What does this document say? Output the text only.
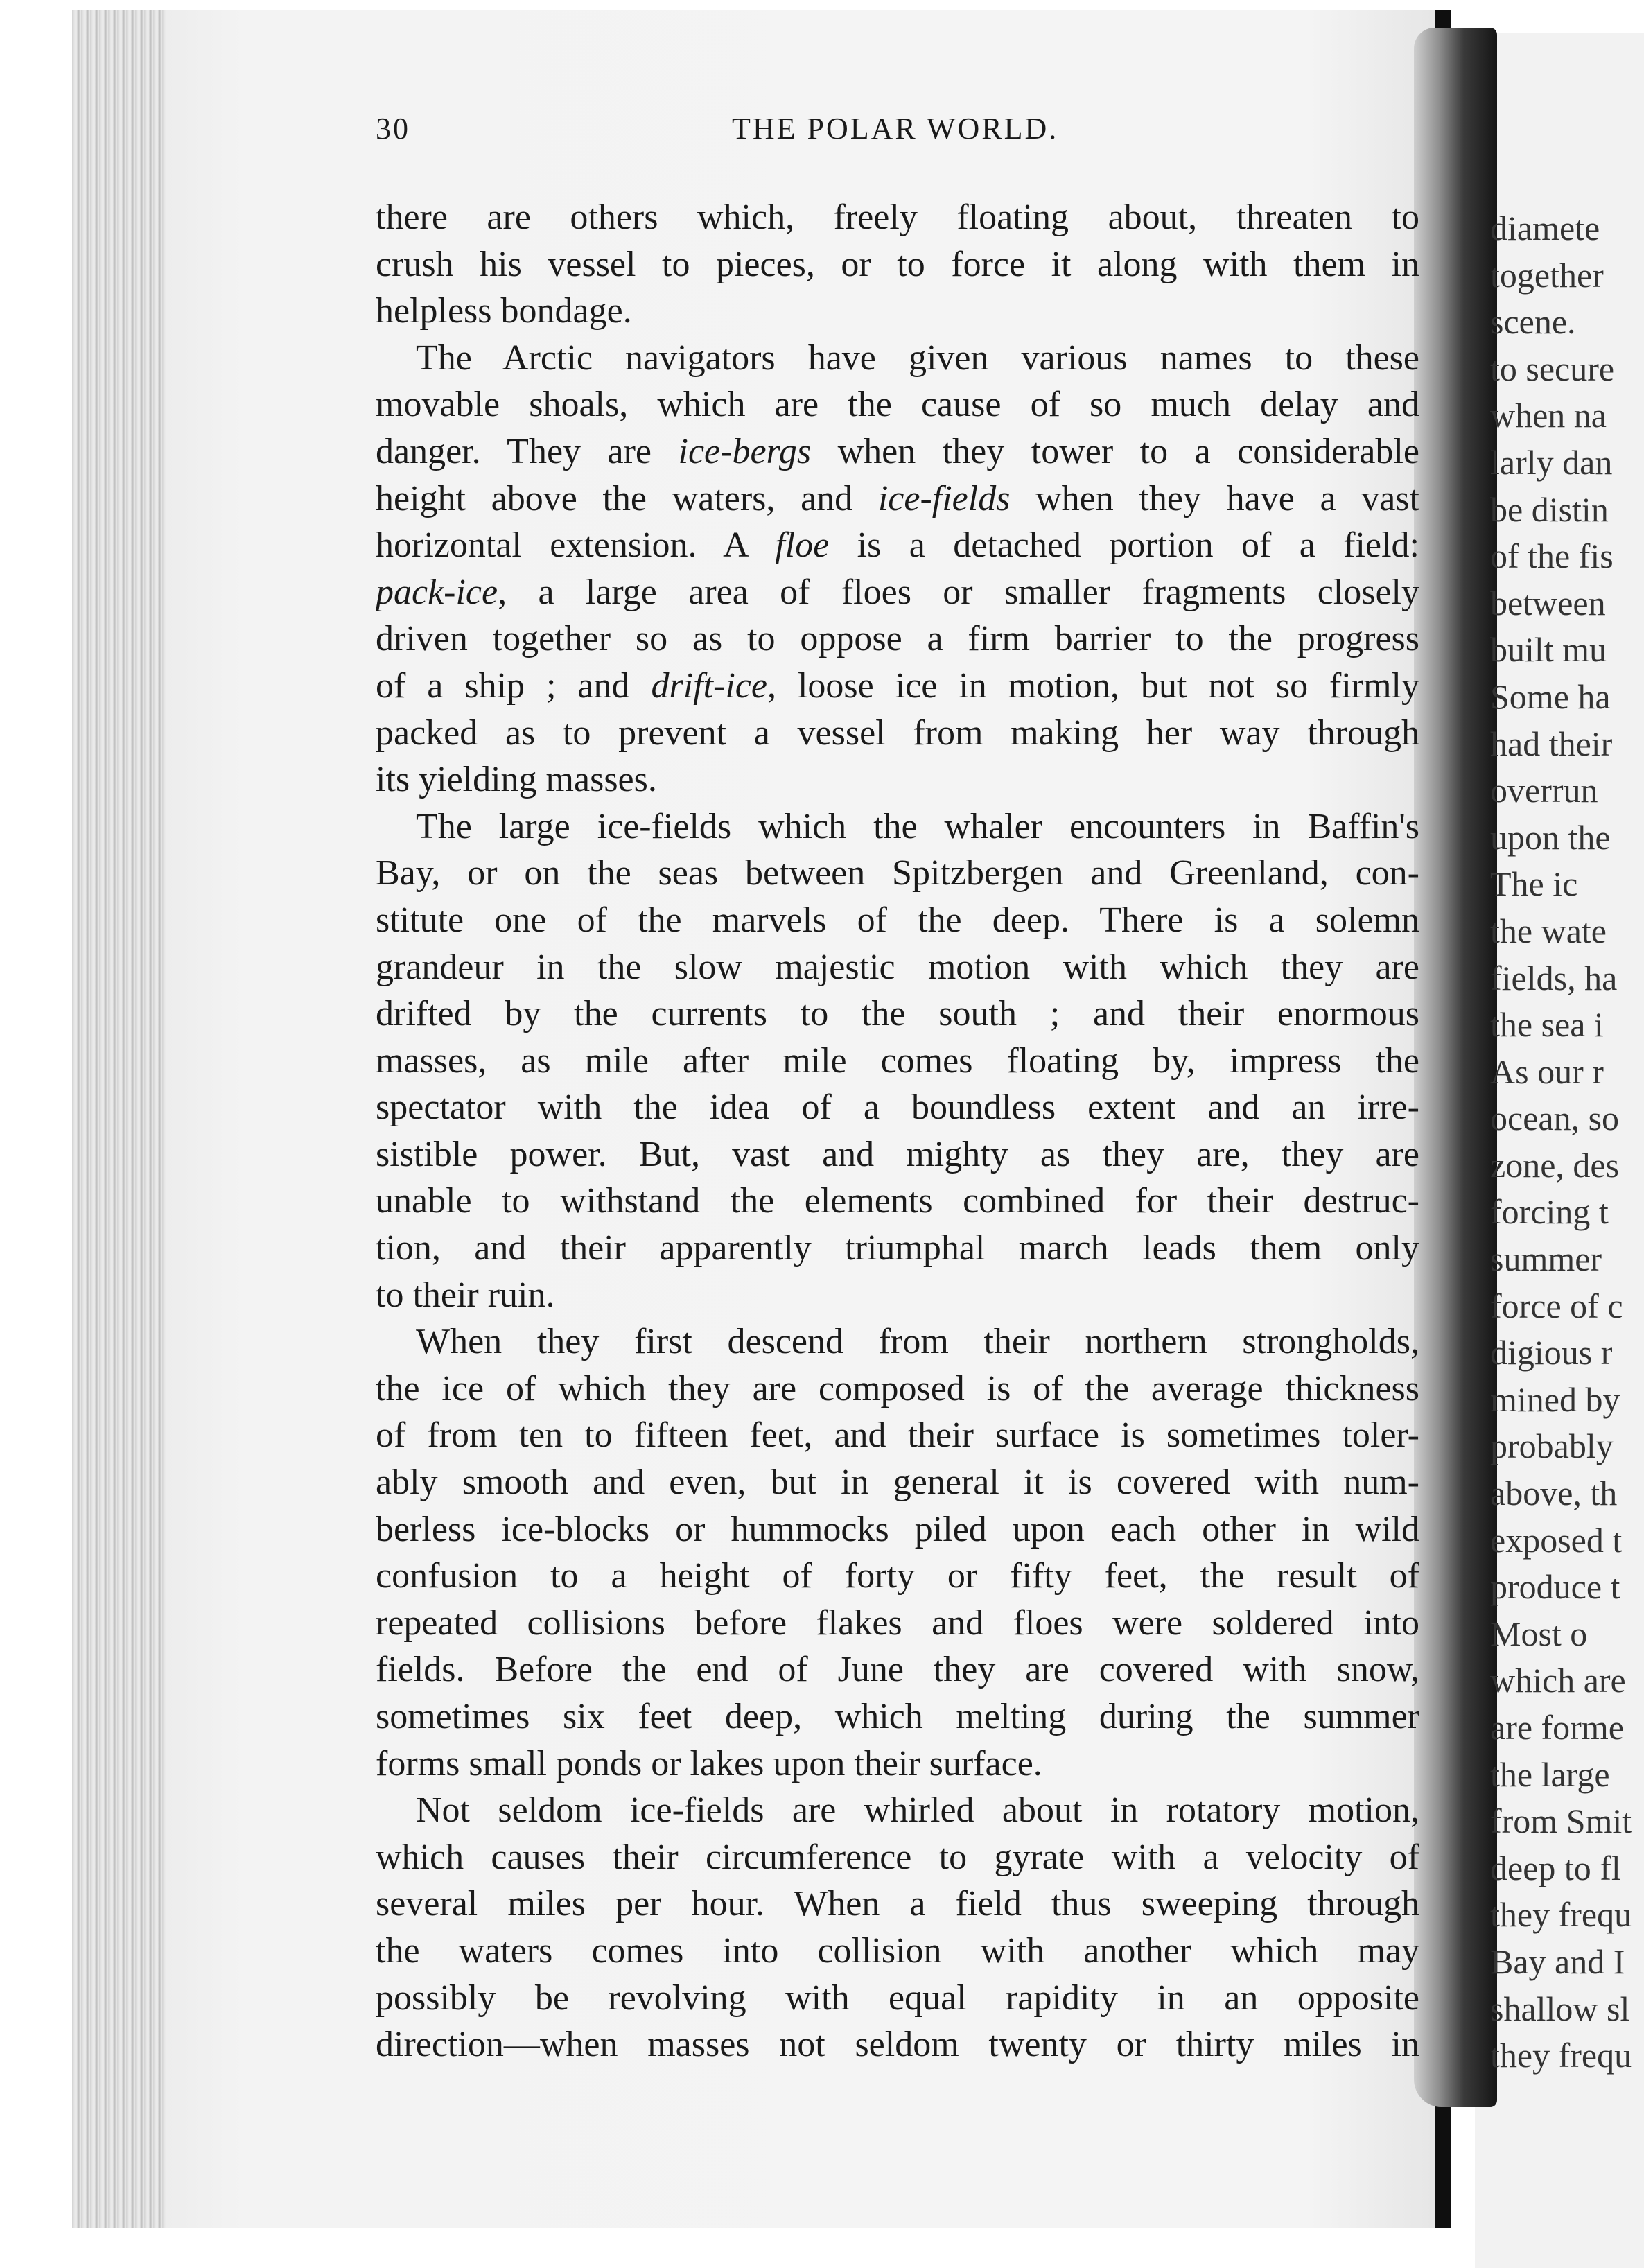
30	THE POLAR WORLD.
there are others which, freely floating about, threaten to
crush his vessel to pieces, or to force it along with them in
helpless bondage.
The Arctic navigators have given various names to these
movable shoals, which are the cause of so much delay and
danger. They are ice-bergs when they tower to a considerable
height above the waters, and ice-fields when they have a vast
horizontal extension. A floe is a detached portion of a field:
pack-ice, a large area of floes or smaller fragments closely
driven together so as to oppose a firm barrier to the progress
of a ship ; and drift-ice, loose ice in motion, but not so firmly
packed as to prevent a vessel from making her way through
its yielding masses.
The large ice-fields which the whaler encounters in Baffin's
Bay, or on the seas between Spitzbergen and Greenland, con-
stitute one of the marvels of the deep. There is a solemn
grandeur in the slow majestic motion with which they are
drifted by the currents to the south ; and their enormous
masses, as mile after mile comes floating by, impress the
spectator with the idea of a boundless extent and an irre-
sistible power. But, vast and mighty as they are, they are
unable to withstand the elements combined for their destruc-
tion, and their apparently triumphal march leads them only
to their ruin.
When they first descend from their northern strongholds,
the ice of which they are composed is of the average thickness
of from ten to fifteen feet, and their surface is sometimes toler-
ably smooth and even, but in general it is covered with num-
berless ice-blocks or hummocks piled upon each other in wild
confusion to a height of forty or fifty feet, the result of
repeated collisions before flakes and floes were soldered into
fields. Before the end of June they are covered with snow,
sometimes six feet deep, which melting during the summer
forms small ponds or lakes upon their surface.
Not seldom ice-fields are whirled about in rotatory motion,
which causes their circumference to gyrate with a velocity of
several miles per hour. When a field thus sweeping through
the waters comes into collision with another which may
possibly be revolving with equal rapidity in an opposite
direction—when masses not seldom twenty or thirty miles in
diamete
together
scene.
to secure
when na
larly dan
be distin
of the fis
between
built mu
Some ha
had their
overrun
upon the
The ic
the wate
fields, ha
the sea i
As our r
ocean, so
zone, des
forcing t
summer
force of c
digious r
mined by
probably
above, th
exposed t
produce t
Most o
which are
are forme
the large
from Smit
deep to fl
they frequ
Bay and I
shallow sl
they frequ
